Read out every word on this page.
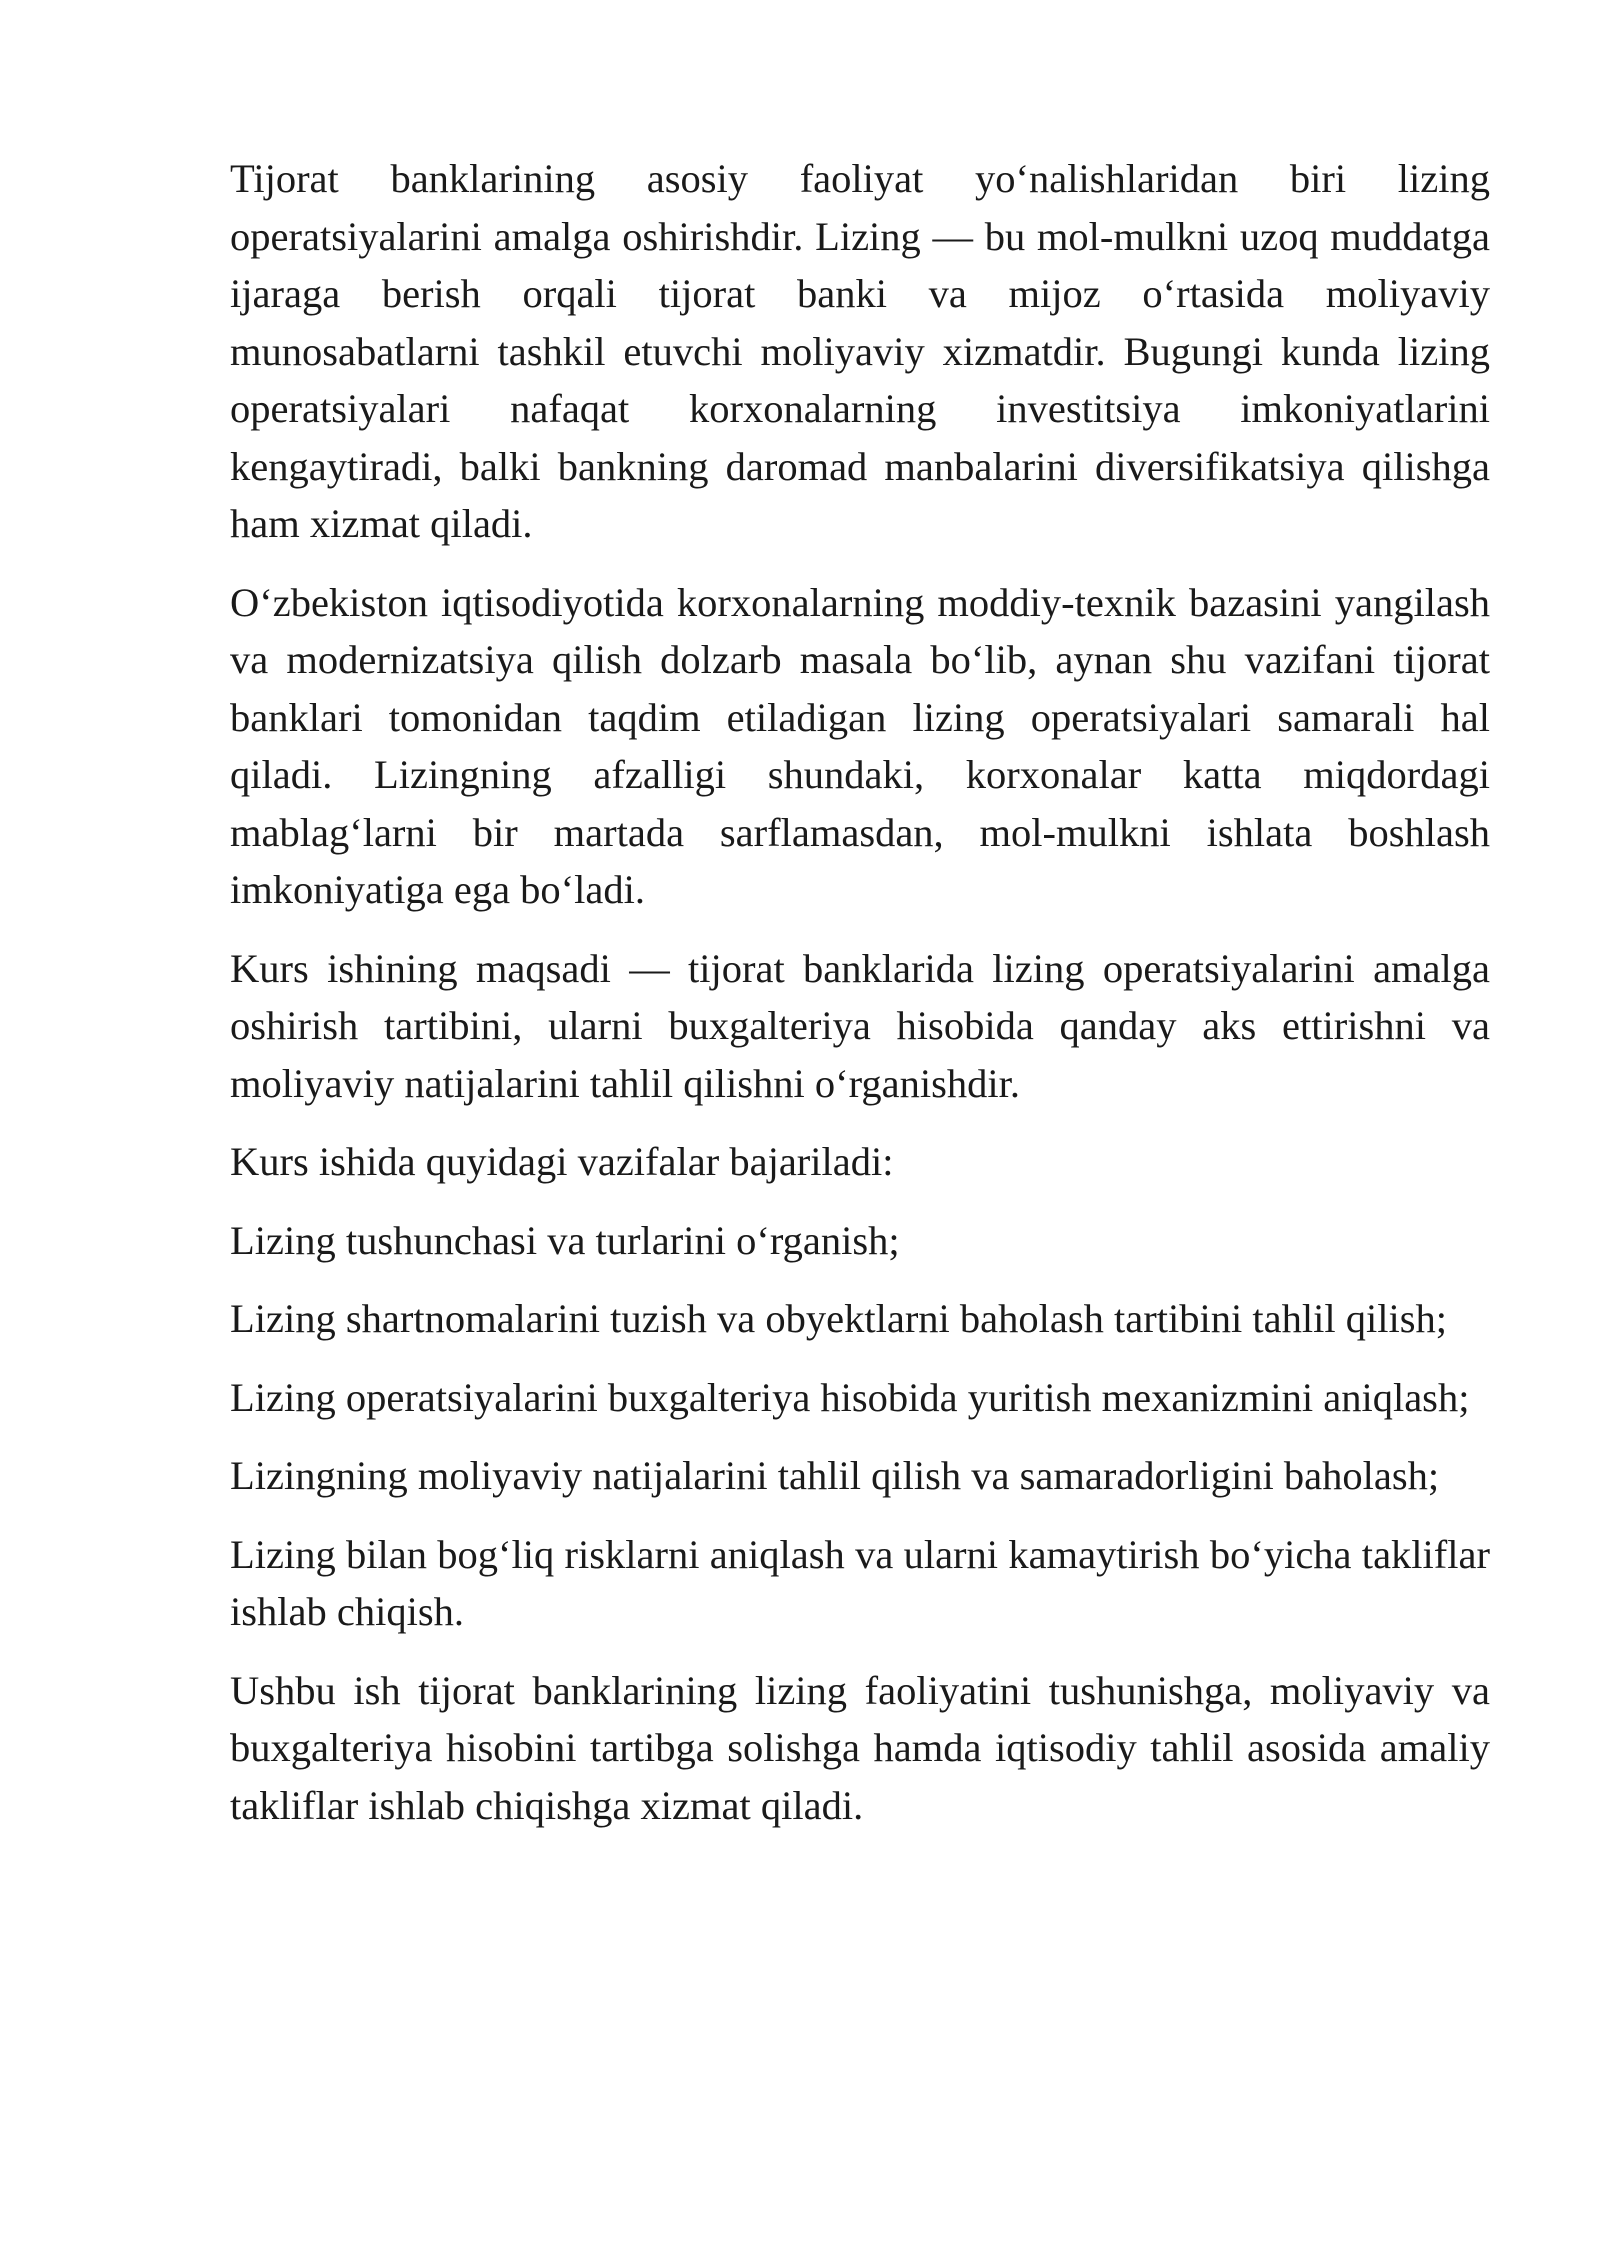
Tijorat banklarining asosiy faoliyat yo‘nalishlaridan biri lizing operatsiyalarini amalga oshirishdir. Lizing — bu mol-mulkni uzoq muddatga ijaraga berish orqali tijorat banki va mijoz o‘rtasida moliyaviy munosabatlarni tashkil etuvchi moliyaviy xizmatdir. Bugungi kunda lizing operatsiyalari nafaqat korxonalarning investitsiya imkoniyatlarini kengaytiradi, balki bankning daromad manbalarini diversifikatsiya qilishga ham xizmat qiladi.

O‘zbekiston iqtisodiyotida korxonalarning moddiy-texnik bazasini yangilash va modernizatsiya qilish dolzarb masala bo‘lib, aynan shu vazifani tijorat banklari tomonidan taqdim etiladigan lizing operatsiyalari samarali hal qiladi. Lizingning afzalligi shundaki, korxonalar katta miqdordagi mablag‘larni bir martada sarflamasdan, mol-mulkni ishlata boshlash imkoniyatiga ega bo‘ladi.

Kurs ishining maqsadi — tijorat banklarida lizing operatsiyalarini amalga oshirish tartibini, ularni buxgalteriya hisobida qanday aks ettirishni va moliyaviy natijalarini tahlil qilishni o‘rganishdir.

Kurs ishida quyidagi vazifalar bajariladi:

Lizing tushunchasi va turlarini o‘rganish;

Lizing shartnomalarini tuzish va obyektlarni baholash tartibini tahlil qilish;

Lizing operatsiyalarini buxgalteriya hisobida yuritish mexanizmini aniqlash;

Lizingning moliyaviy natijalarini tahlil qilish va samaradorligini baholash;

Lizing bilan bog‘liq risklarni aniqlash va ularni kamaytirish bo‘yicha takliflar ishlab chiqish.

Ushbu ish tijorat banklarining lizing faoliyatini tushunishga, moliyaviy va buxgalteriya hisobini tartibga solishga hamda iqtisodiy tahlil asosida amaliy takliflar ishlab chiqishga xizmat qiladi.
